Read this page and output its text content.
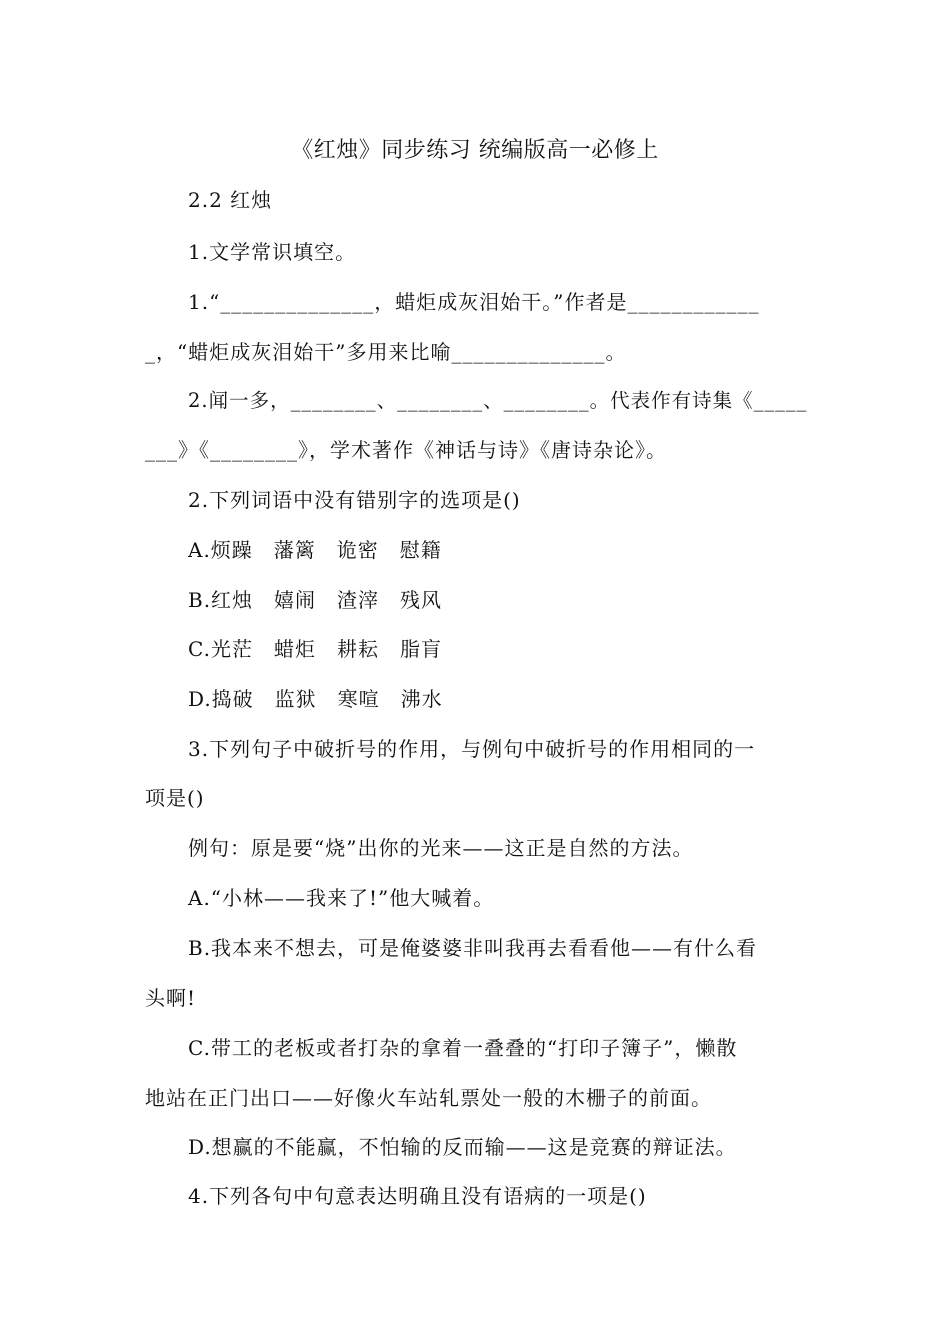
《红烛》同步练习 统编版高一必修上
2.2 红烛
1.文学常识填空。
1.“______________，蜡炬成灰泪始干。”作者是____________
_，“蜡炬成灰泪始干”多用来比喻______________。
2.闻一多，________、________、________。代表作有诗集《_____
___》《________》，学术著作《神话与诗》《唐诗杂论》。
2.下列词语中没有错别字的选项是()
A.烦躁　藩篱　诡密　慰籍
B.红烛　嬉闹　渣滓　残风
C.光茫　蜡炬　耕耘　脂肓
D.捣破　监狱　寒喧　沸水
3.下列句子中破折号的作用，与例句中破折号的作用相同的一
项是()
例句：原是要“烧”出你的光来——这正是自然的方法。
A.“小林——我来了!”他大喊着。
B.我本来不想去，可是俺婆婆非叫我再去看看他——有什么看
头啊!
C.带工的老板或者打杂的拿着一叠叠的“打印子簿子”，懒散
地站在正门出口——好像火车站轧票处一般的木栅子的前面。
D.想赢的不能赢，不怕输的反而输——这是竞赛的辩证法。
4.下列各句中句意表达明确且没有语病的一项是()
